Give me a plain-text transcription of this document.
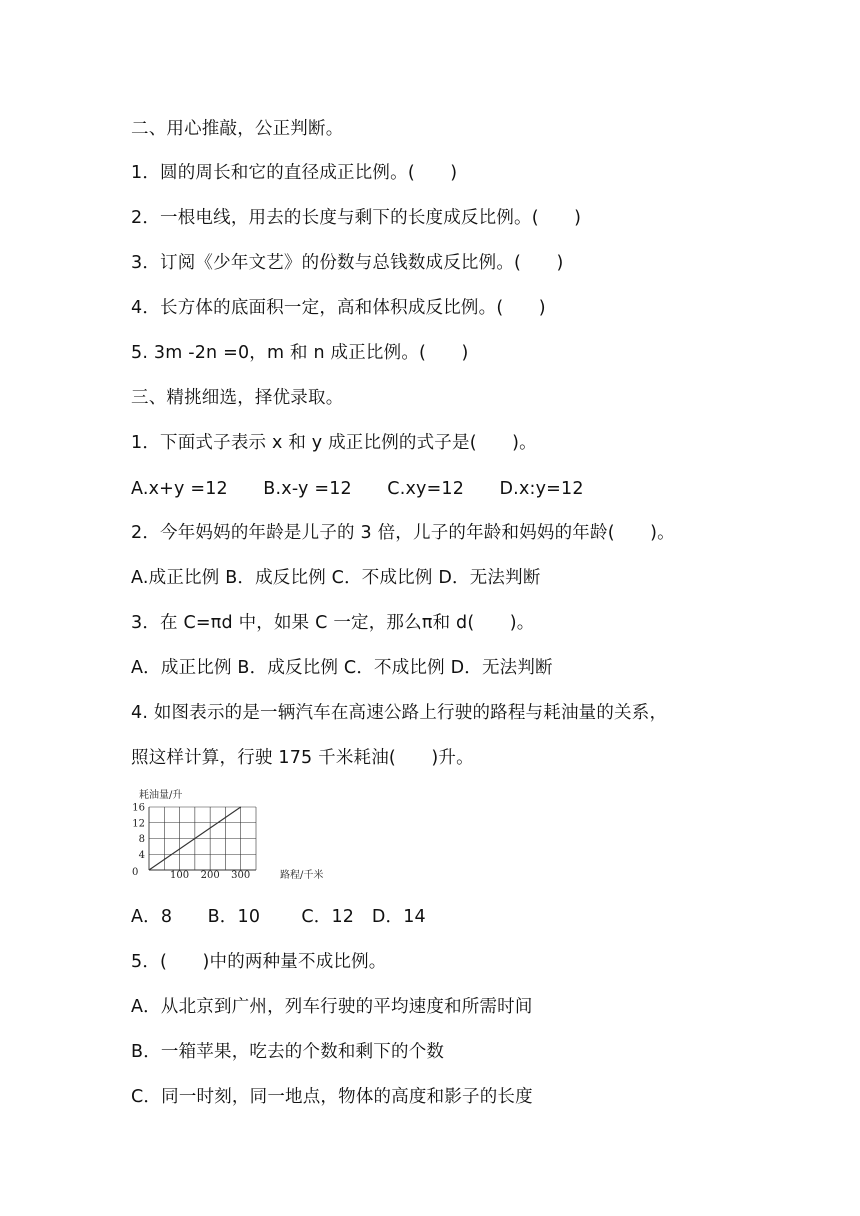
二、用心推敲，公正判断。
1．圆的周长和它的直径成正比例。(　　)
2．一根电线，用去的长度与剩下的长度成反比例。(　　)
3．订阅《少年文艺》的份数与总钱数成反比例。(　　)
4．长方体的底面积一定，高和体积成反比例。(　　)
5. 3m -2n =0，m 和 n 成正比例。(　　)
三、精挑细选，择优录取。
1．下面式子表示 x 和 y 成正比例的式子是(　　)。
A.x+y =12　　B.x-y =12　　C.xy=12　　D.x:y=12
2．今年妈妈的年龄是儿子的 3 倍，儿子的年龄和妈妈的年龄(　　)。
A.成正比例 B．成反比例 C．不成比例 D．无法判断
3．在 C=πd 中，如果 C 一定，那么π和 d(　　)。
A．成正比例 B．成反比例 C．不成比例 D．无法判断
4. 如图表示的是一辆汽车在高速公路上行驶的路程与耗油量的关系，
照这样计算，行驶 175 千米耗油(　　)升。
耗油量/升
0
16
12
8
4
100 200 300	路程/千米
A．8　　B．10　　 C．12　D．14
5．(　　)中的两种量不成比例。
A．从北京到广州，列车行驶的平均速度和所需时间
B．一箱苹果，吃去的个数和剩下的个数
C．同一时刻，同一地点，物体的高度和影子的长度
